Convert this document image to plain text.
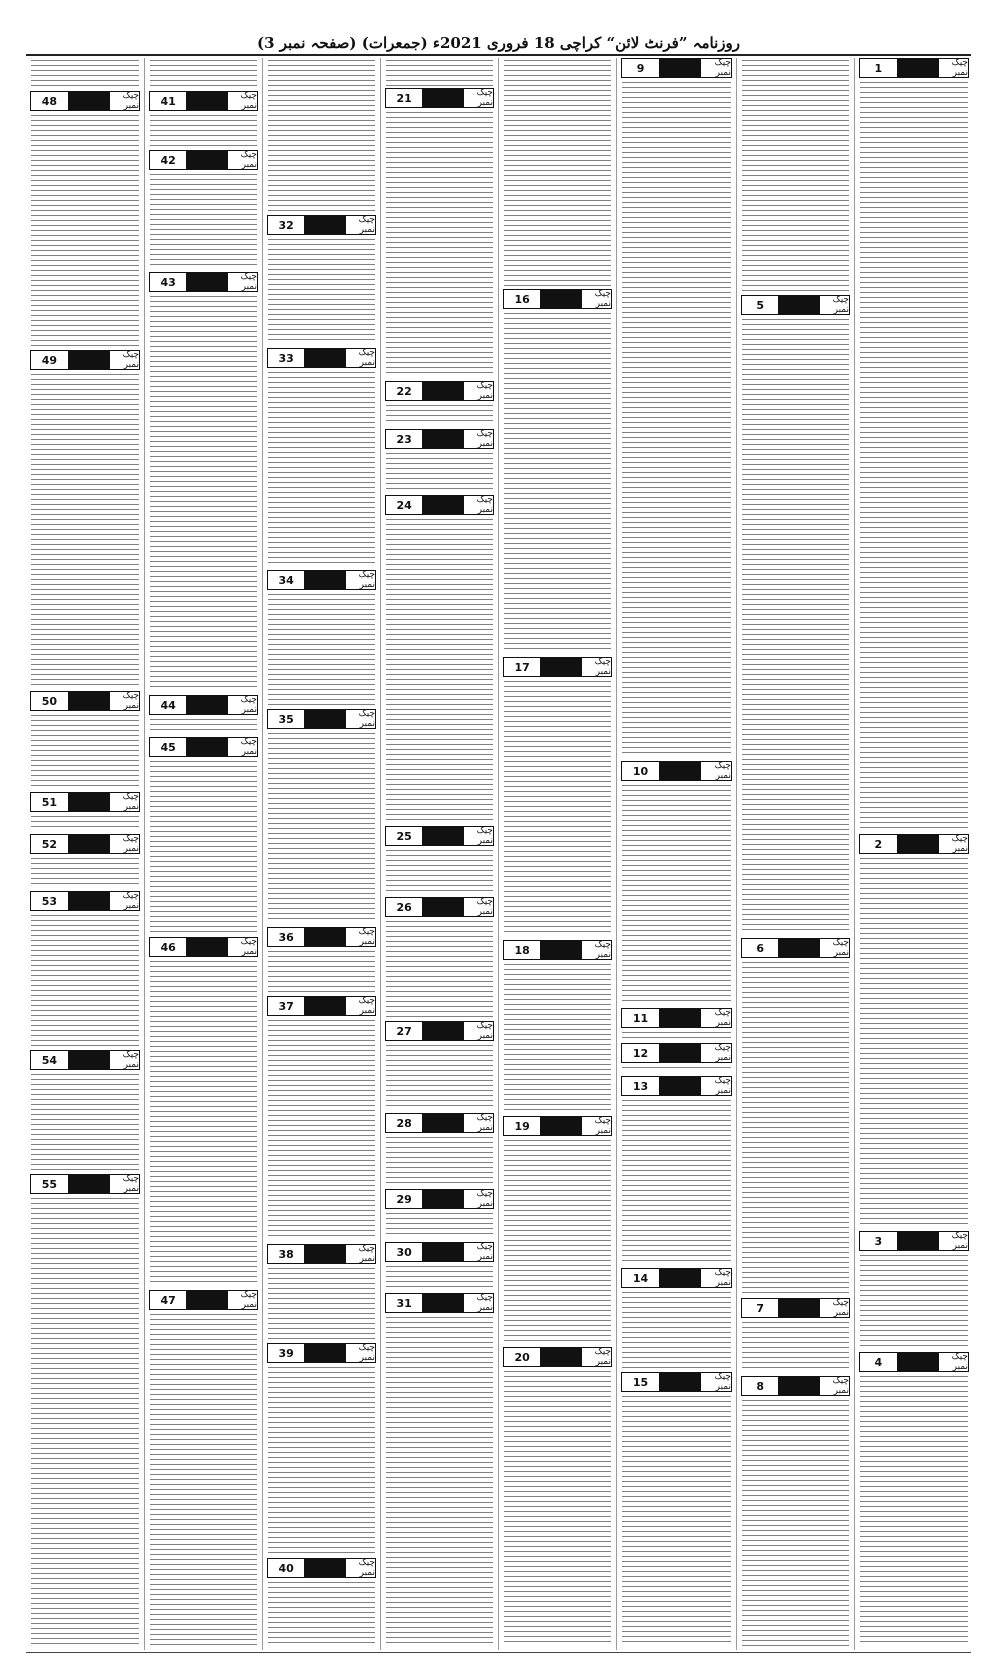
روزنامہ ”فرنٹ لائن“ کراچی 18 فروری 2021ء (جمعرات) (صفحہ نمبر 3)
48	چیک نمبر
49	چیک نمبر
50	چیک نمبر
51	چیک نمبر
52	چیک نمبر
53	چیک نمبر
54	چیک نمبر
55	چیک نمبر
41	چیک نمبر
42	چیک نمبر
43	چیک نمبر
44	چیک نمبر
45	چیک نمبر
46	چیک نمبر
47	چیک نمبر
32	چیک نمبر
33	چیک نمبر
34	چیک نمبر
35	چیک نمبر
36	چیک نمبر
37	چیک نمبر
38	چیک نمبر
39	چیک نمبر
40	چیک نمبر
21	چیک نمبر
22	چیک نمبر
23	چیک نمبر
24	چیک نمبر
25	چیک نمبر
26	چیک نمبر
27	چیک نمبر
28	چیک نمبر
29	چیک نمبر
30	چیک نمبر
31	چیک نمبر
16	چیک نمبر
17	چیک نمبر
18	چیک نمبر
19	چیک نمبر
20	چیک نمبر
9	چیک نمبر
10	چیک نمبر
11	چیک نمبر
12	چیک نمبر
13	چیک نمبر
14	چیک نمبر
15	چیک نمبر
5	چیک نمبر
6	چیک نمبر
7	چیک نمبر
8	چیک نمبر
1	چیک نمبر
2	چیک نمبر
3	چیک نمبر
4	چیک نمبر
